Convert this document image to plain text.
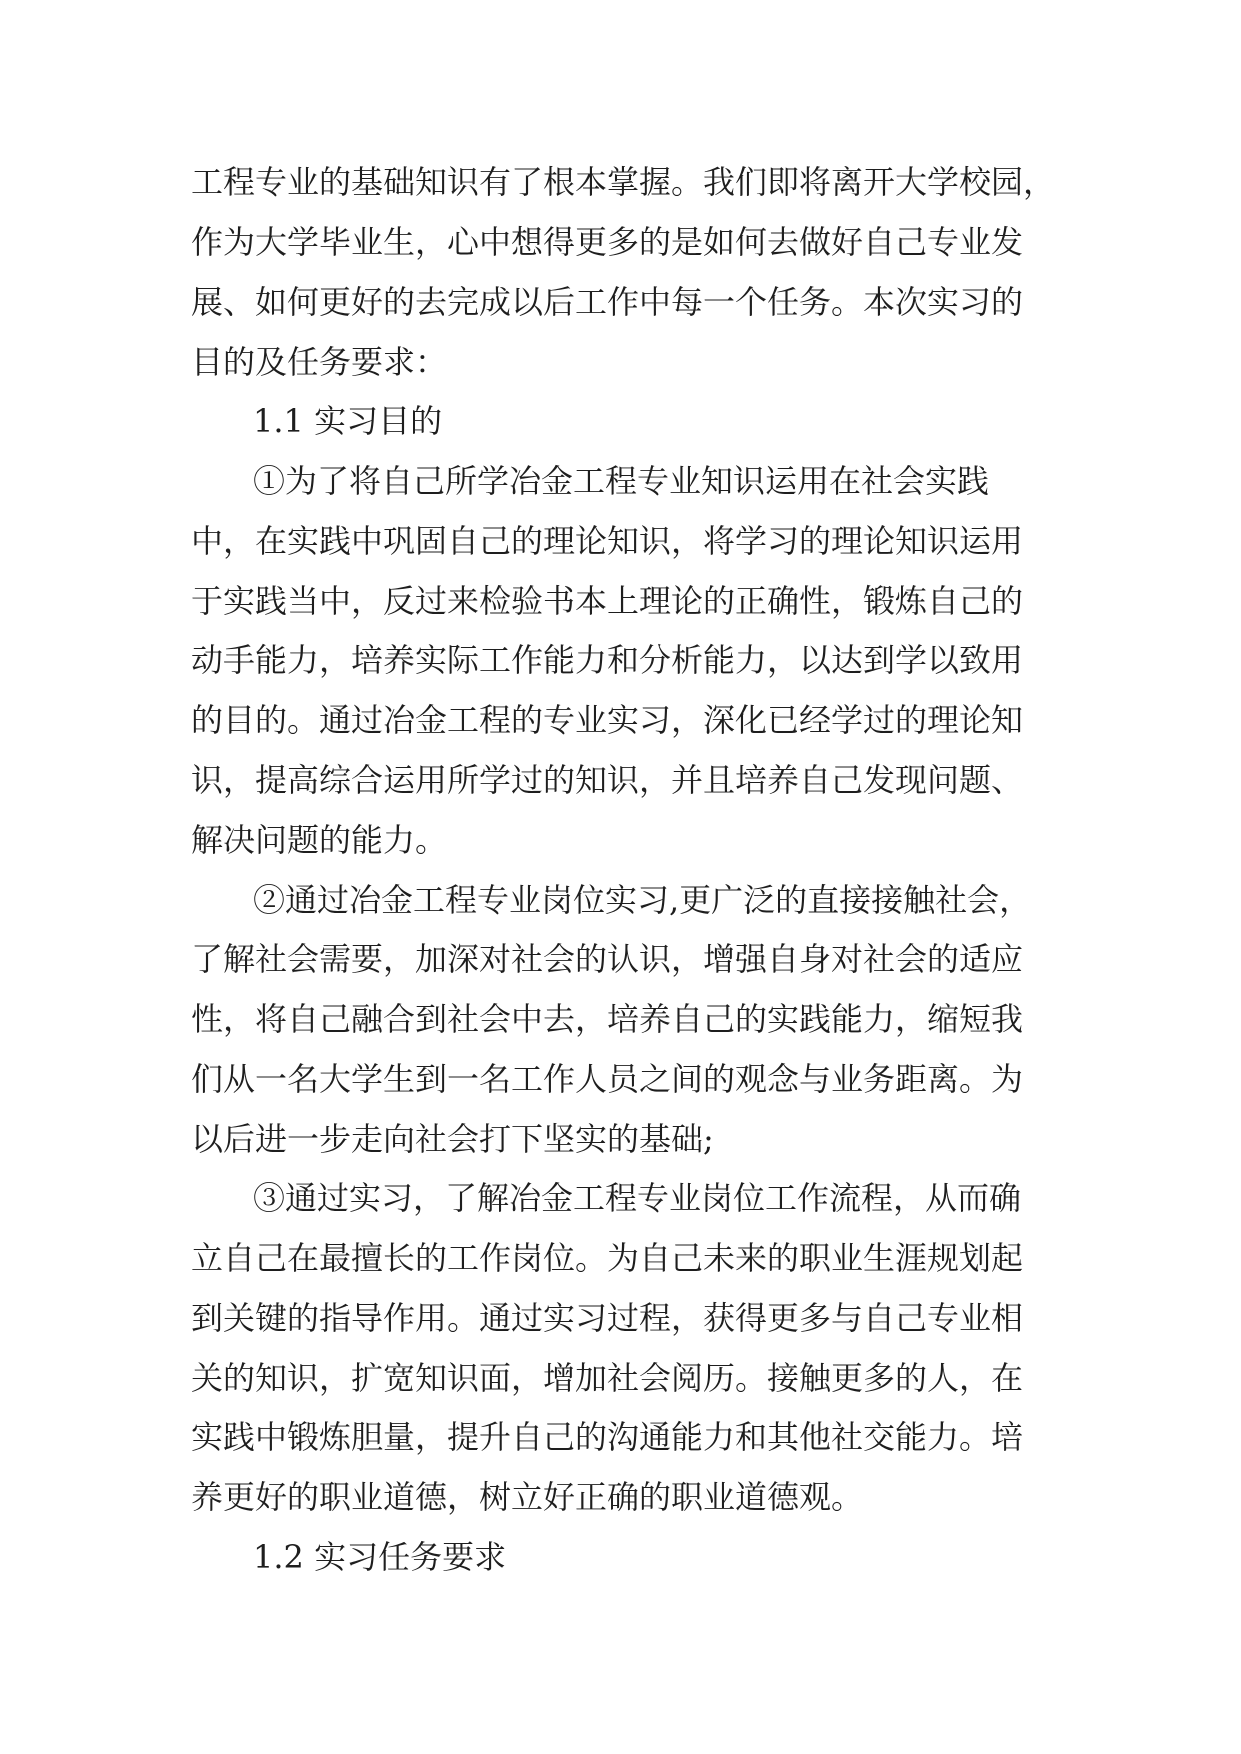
工程专业的基础知识有了根本掌握。我们即将离开大学校园，

作为大学毕业生，心中想得更多的是如何去做好自己专业发

展、如何更好的去完成以后工作中每一个任务。本次实习的

目的及任务要求：

1.1 实习目的

①为了将自己所学冶金工程专业知识运用在社会实践

中，在实践中巩固自己的理论知识，将学习的理论知识运用

于实践当中，反过来检验书本上理论的正确性，锻炼自己的

动手能力，培养实际工作能力和分析能力，以达到学以致用

的目的。通过冶金工程的专业实习，深化已经学过的理论知

识，提高综合运用所学过的知识，并且培养自己发现问题、

解决问题的能力。

②通过冶金工程专业岗位实习,更广泛的直接接触社会，

了解社会需要，加深对社会的认识，增强自身对社会的适应

性，将自己融合到社会中去，培养自己的实践能力，缩短我

们从一名大学生到一名工作人员之间的观念与业务距离。为

以后进一步走向社会打下坚实的基础;

③通过实习，了解冶金工程专业岗位工作流程，从而确

立自己在最擅长的工作岗位。为自己未来的职业生涯规划起

到关键的指导作用。通过实习过程，获得更多与自己专业相

关的知识，扩宽知识面，增加社会阅历。接触更多的人，在

实践中锻炼胆量，提升自己的沟通能力和其他社交能力。培

养更好的职业道德，树立好正确的职业道德观。

1.2 实习任务要求
